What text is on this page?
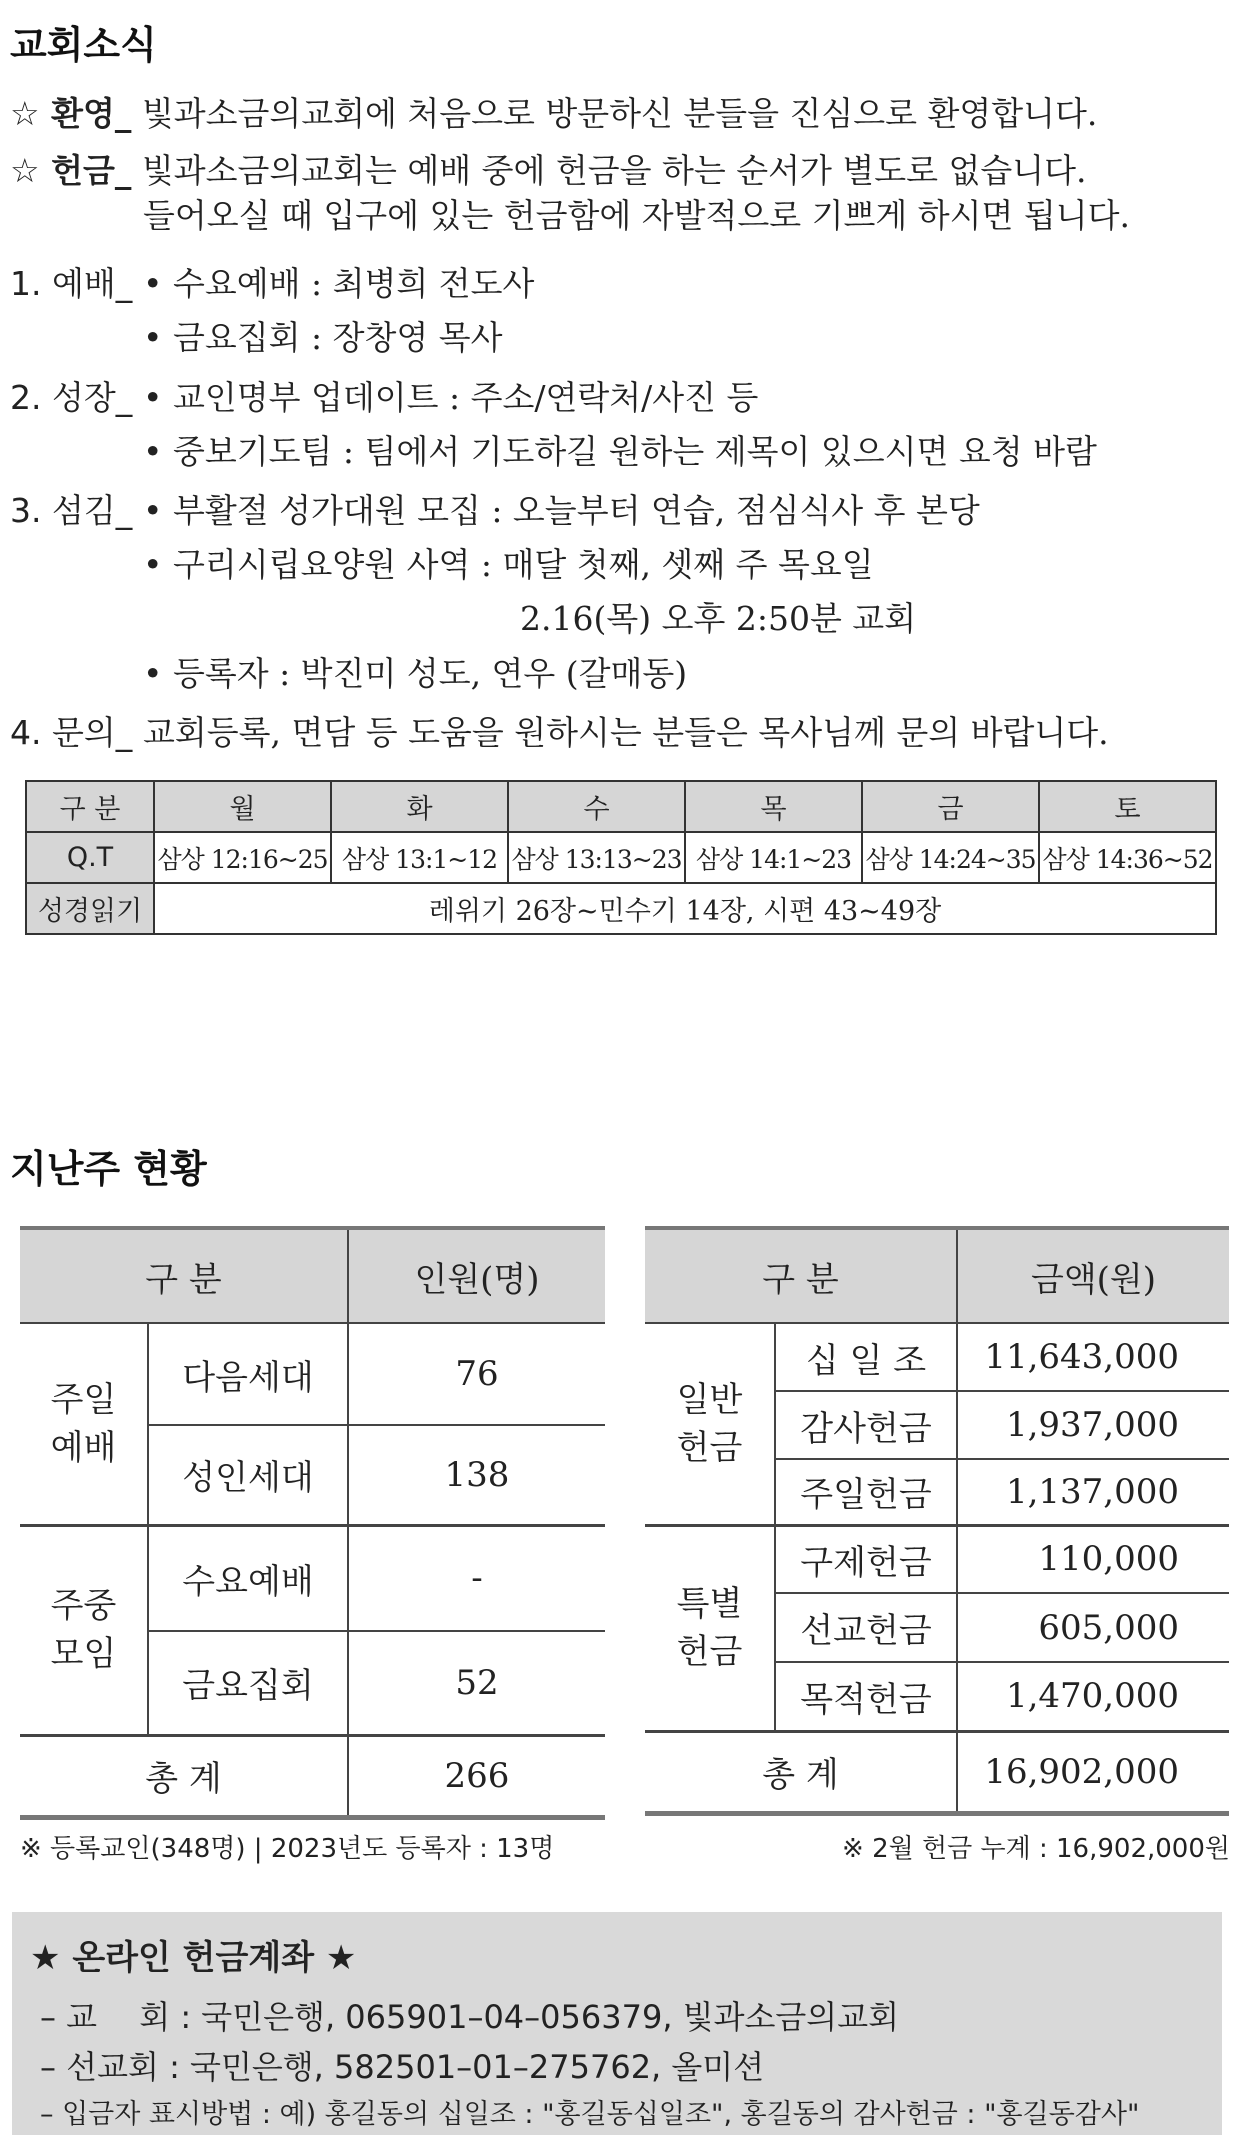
교회소식
☆ 환영_ 빛과소금의교회에 처음으로 방문하신 분들을 진심으로 환영합니다.
☆ 헌금_ 빛과소금의교회는 예배 중에 헌금을 하는 순서가 별도로 없습니다.
들어오실 때 입구에 있는 헌금함에 자발적으로 기쁘게 하시면 됩니다.
1. 예배_ • 수요예배 : 최병희 전도사
• 금요집회 : 장창영 목사
2. 성장_ • 교인명부 업데이트 : 주소/연락처/사진 등
• 중보기도팀 : 팀에서 기도하길 원하는 제목이 있으시면 요청 바람
3. 섬김_ • 부활절 성가대원 모집 : 오늘부터 연습, 점심식사 후 본당
• 구리시립요양원 사역 : 매달 첫째, 셋째 주 목요일
2.16(목) 오후 2:50분 교회
• 등록자 : 박진미 성도, 연우 (갈매동)
4. 문의_ 교회등록, 면담 등 도움을 원하시는 분들은 목사님께 문의 바랍니다.
구 분	월	화	수	목	금	토
Q.T	삼상 12:16~25	삼상 13:1~12	삼상 13:13~23	삼상 14:1~23	삼상 14:24~35	삼상 14:36~52
성경읽기	레위기 26장~민수기 14장, 시편 43~49장					
지난주 현황
구 분		인원(명)

주일
예배	다음세대	76
	성인세대	138

주중
모임	수요예배	-
	금요집회	52
총 계		266
구 분		금액(원)

일반
헌금	십 일 조	11,643,000
	감사헌금	1,937,000
	주일헌금	1,137,000

특별
헌금	구제헌금	110,000
	선교헌금	605,000
	목적헌금	1,470,000
총 계		16,902,000
※ 등록교인(348명) | 2023년도 등록자 : 13명	※ 2월 헌금 누계 : 16,902,000원
★ 온라인 헌금계좌 ★
– 교　 회 : 국민은행, 065901–04–056379, 빛과소금의교회
– 선교회 : 국민은행, 582501–01–275762, 올미션
– 입금자 표시방법 : 예) 홍길동의 십일조 : "홍길동십일조", 홍길동의 감사헌금 : "홍길동감사"
